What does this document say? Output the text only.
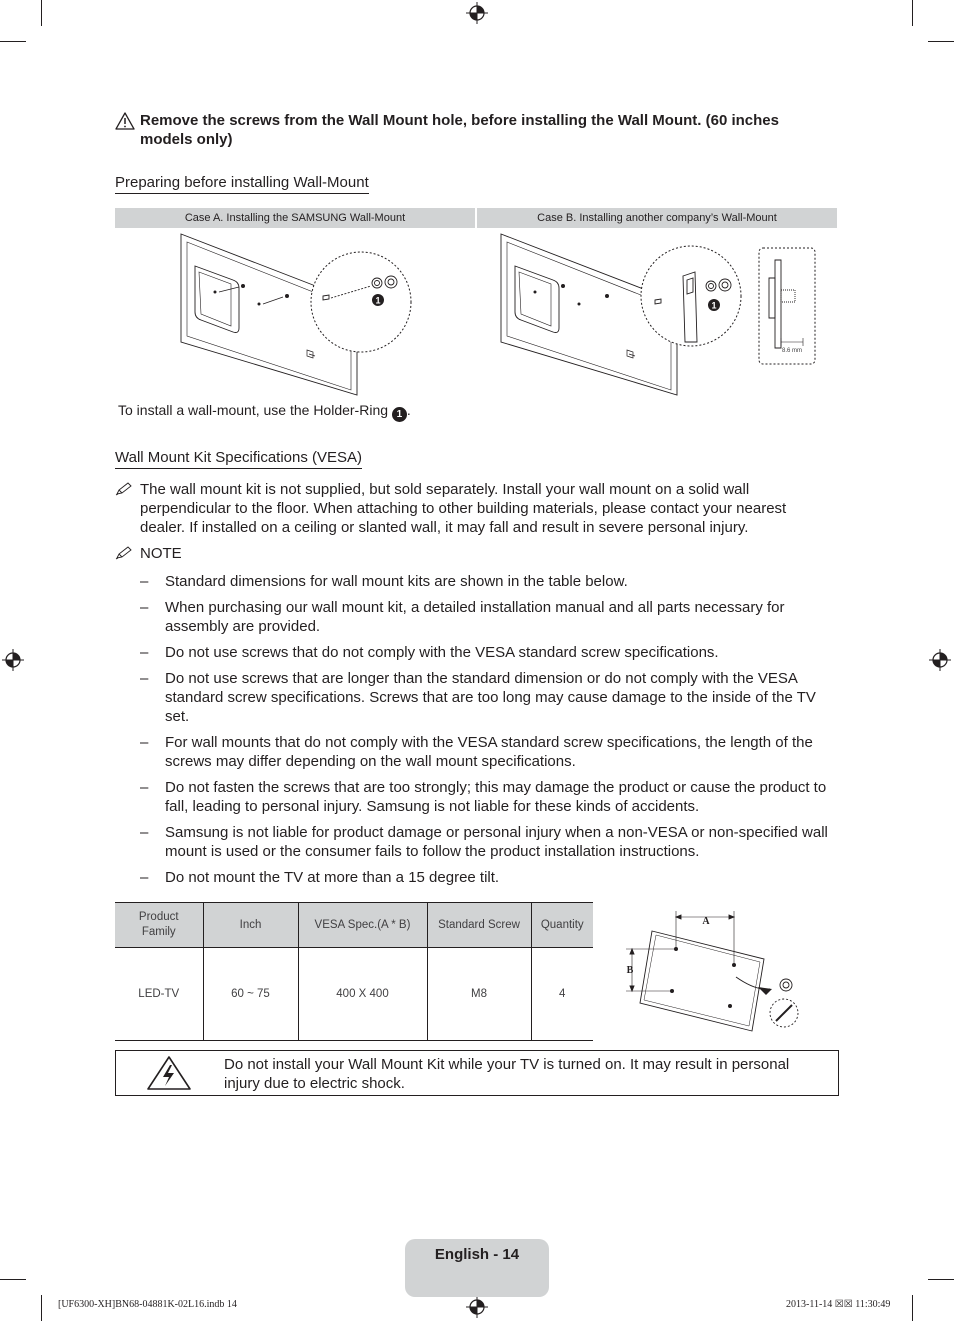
Remove the screws from the Wall Mount hole, before installing the Wall Mount. (60 inches models only)
Preparing before installing Wall-Mount
Case A. Installing the SAMSUNG Wall-Mount	Case B. Installing another company’s Wall-Mount
1	1
8.6 mm
To install a wall-mount, use the Holder-Ring 1 .
Wall Mount Kit Specifications (VESA)
The wall mount kit is not supplied, but sold separately. Install your wall mount on a solid wall perpendicular to the floor. When attaching to other building materials, please contact your nearest dealer. If installed on a ceiling or slanted wall, it may fall and result in severe personal injury.
NOTE
– Standard dimensions for wall mount kits are shown in the table below.
– When purchasing our wall mount kit, a detailed installation manual and all parts necessary for assembly are provided.
– Do not use screws that do not comply with the VESA standard screw specifications.
– Do not use screws that are longer than the standard dimension or do not comply with the VESA standard screw specifications. Screws that are too long may cause damage to the inside of the TV set.
– For wall mounts that do not comply with the VESA standard screw specifications, the length of the screws may differ depending on the wall mount specifications.
– Do not fasten the screws that are too strongly; this may damage the product or cause the product to fall, leading to personal injury. Samsung is not liable for these kinds of accidents.
– Samsung is not liable for product damage or personal injury when a non-VESA or non-specified wall mount is used or the consumer fails to follow the product installation instructions.
– Do not mount the TV at more than a 15 degree tilt.
Product Family	Inch	VESA Spec.(A * B)	Standard Screw	Quantity
LED-TV	60 ~ 75	400 X 400	M8	4
A
B
Do not install your Wall Mount Kit while your TV is turned on. It may result in personal injury due to electric shock.
English - 14
[UF6300-XH]BN68-04881K-02L16.indb 14	2013-11-14 ☒☒ 11:30:49
